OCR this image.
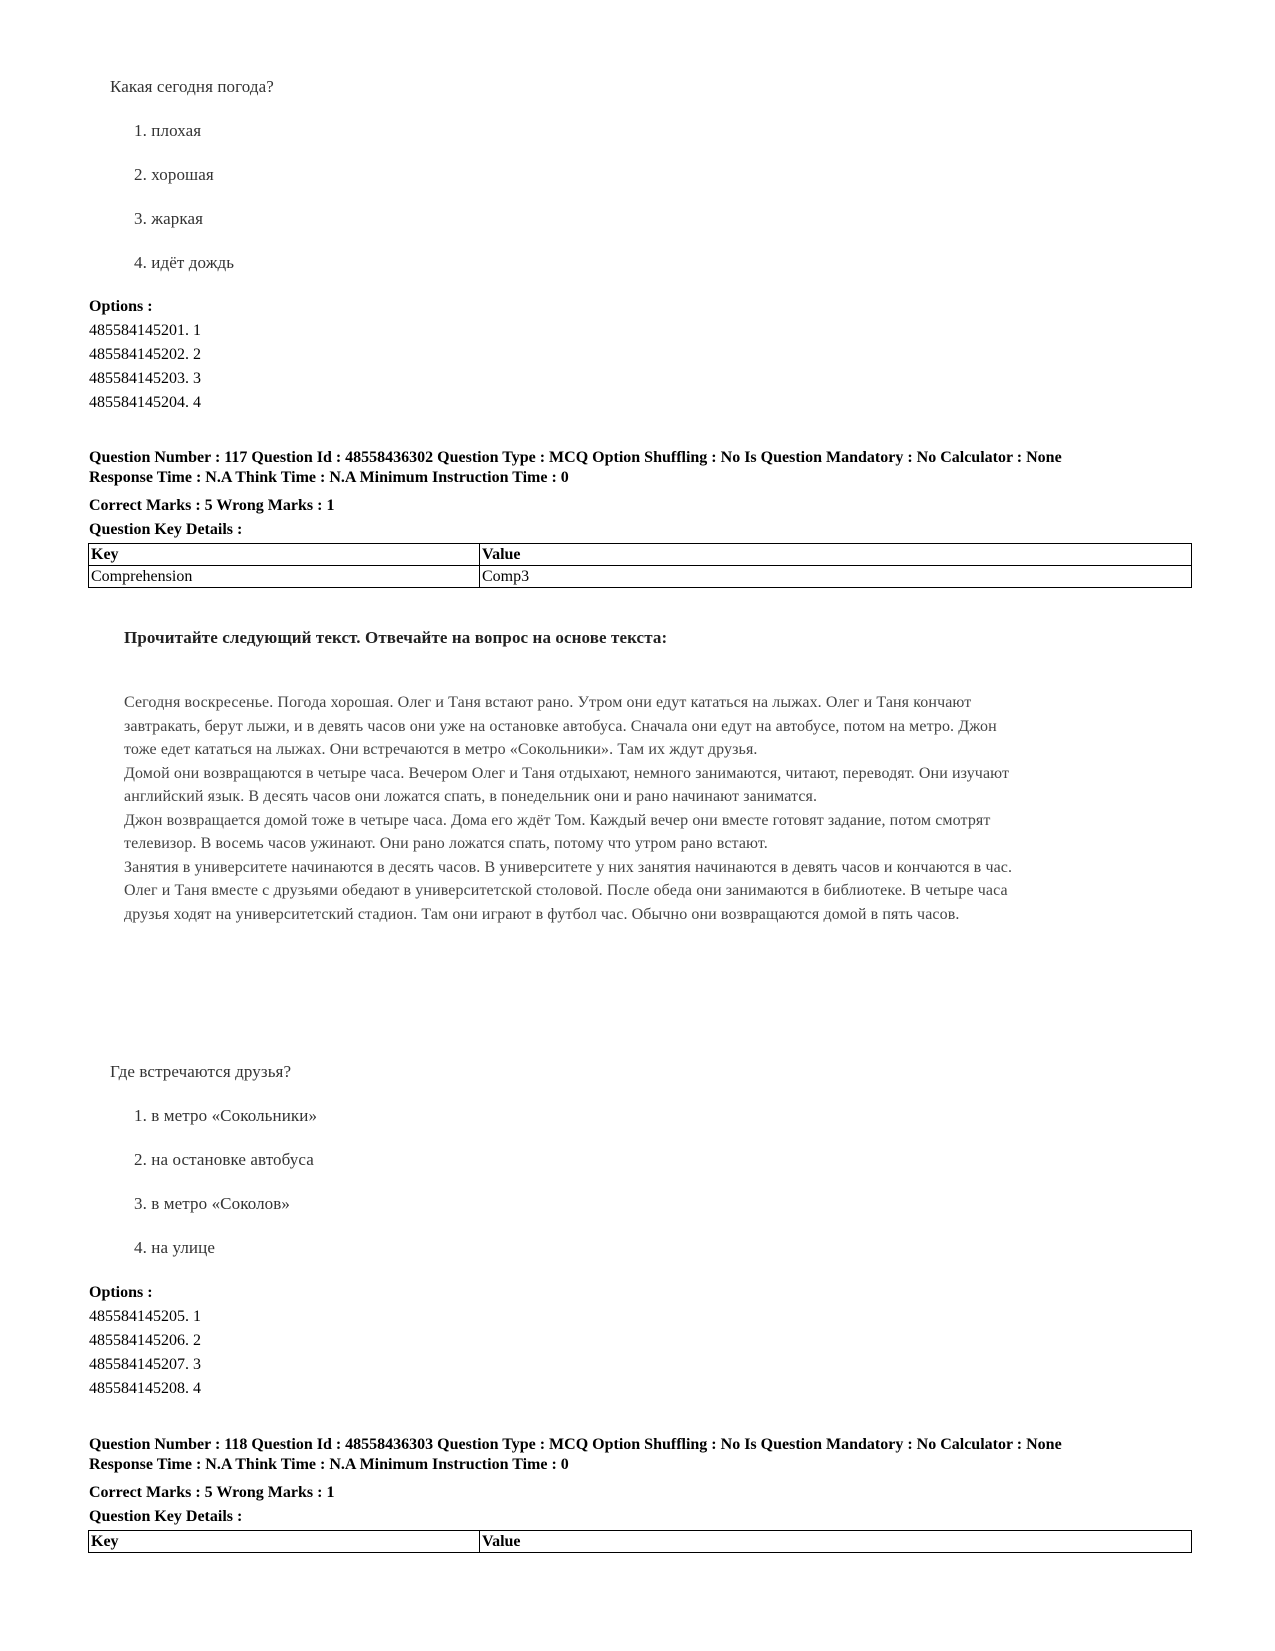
Какая сегодня погода?
1. плохая
2. хорошая
3. жаркая
4. идёт дождь
Options :
485584145201. 1
485584145202. 2
485584145203. 3
485584145204. 4
Question Number : 117 Question Id : 48558436302 Question Type : MCQ Option Shuffling : No Is Question Mandatory : No Calculator : None
Response Time : N.A Think Time : N.A Minimum Instruction Time : 0
Correct Marks : 5 Wrong Marks : 1
Question Key Details :
Key	Value
Comprehension	Comp3
Прочитайте следующий текст. Отвечайте на вопрос на основе текста:

Сегодня воскресенье. Погода хорошая. Олег и Таня встают рано. Утром они едут кататься на лыжах. Олег и Таня кончают завтракать, берут лыжи, и в девять часов они уже на остановке автобуса. Сначала они едут на автобусе, потом на метро. Джон тоже едет кататься на лыжах. Они встречаются в метро «Сокольники». Там их ждут друзья.

Домой они возвращаются в четыре часа. Вечером Олег и Таня отдыхают, немного занимаются, читают, переводят. Они изучают английский язык. В десять часов они ложатся спать, в понедельник они и рано начинают заниматся.

Джон возвращается домой тоже в четыре часа. Дома его ждёт Том. Каждый вечер они вместе готовят задание, потом смотрят телевизор. В восемь часов ужинают. Они рано ложатся спать, потому что утром рано встают.

Занятия в университете начинаются в десять часов. В университете у них занятия начинаются в девять часов и кончаются в час. Олег и Таня вместе с друзьями обедают в университетской столовой. После обеда они занимаются в библиотеке. В четыре часа друзья ходят на университетский стадион. Там они играют в футбол час. Обычно они возвращаются домой в пять часов.

Где встречаются друзья?
1. в метро «Сокольники»
2. на остановке автобуса
3. в метро «Соколов»
4. на улице
Options :
485584145205. 1
485584145206. 2
485584145207. 3
485584145208. 4
Question Number : 118 Question Id : 48558436303 Question Type : MCQ Option Shuffling : No Is Question Mandatory : No Calculator : None
Response Time : N.A Think Time : N.A Minimum Instruction Time : 0
Correct Marks : 5 Wrong Marks : 1
Question Key Details :
Key	Value
